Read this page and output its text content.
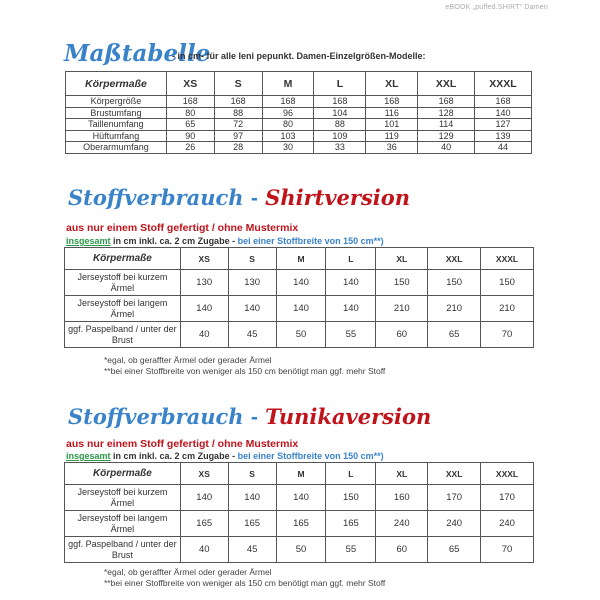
eBOOK „puffed.SHIRT“ Damen
Maßtabelle
- in cm- für alle leni pepunkt. Damen-Einzelgrößen-Modelle:
Körpermaße	XS	S	M	L	XL	XXL	XXXL
Körpergröße	168	168	168	168	168	168	168
Brustumfang	80	88	96	104	116	128	140
Taillenumfang	65	72	80	88	101	114	127
Hüftumfang	90	97	103	109	119	129	139
Oberarmumfang	26	28	30	33	36	40	44
Stoffverbrauch - Shirtversion
aus nur einem Stoff gefertigt / ohne Mustermix
insgesamt in cm inkl. ca. 2 cm Zugabe - bei einer Stoffbreite von 150 cm**)
Körpermaße	XS	S	M	L	XL	XXL	XXXL
Jerseystoff bei kurzem Ärmel	130	130	140	140	150	150	150
Jerseystoff bei langem Ärmel	140	140	140	140	210	210	210
ggf. Paspelband / unter der Brust	40	45	50	55	60	65	70
*egal, ob geraffter Ärmel oder gerader Ärmel
**bei einer Stoffbreite von weniger als 150 cm benötigt man ggf. mehr Stoff
Stoffverbrauch - Tunikaversion
aus nur einem Stoff gefertigt / ohne Mustermix
insgesamt in cm inkl. ca. 2 cm Zugabe - bei einer Stoffbreite von 150 cm**)
Körpermaße	XS	S	M	L	XL	XXL	XXXL
Jerseystoff bei kurzem Ärmel	140	140	140	150	160	170	170
Jerseystoff bei langem Ärmel	165	165	165	165	240	240	240
ggf. Paspelband / unter der Brust	40	45	50	55	60	65	70
*egal, ob geraffter Ärmel oder gerader Ärmel
**bei einer Stoffbreite von weniger als 150 cm benötigt man ggf. mehr Stoff
